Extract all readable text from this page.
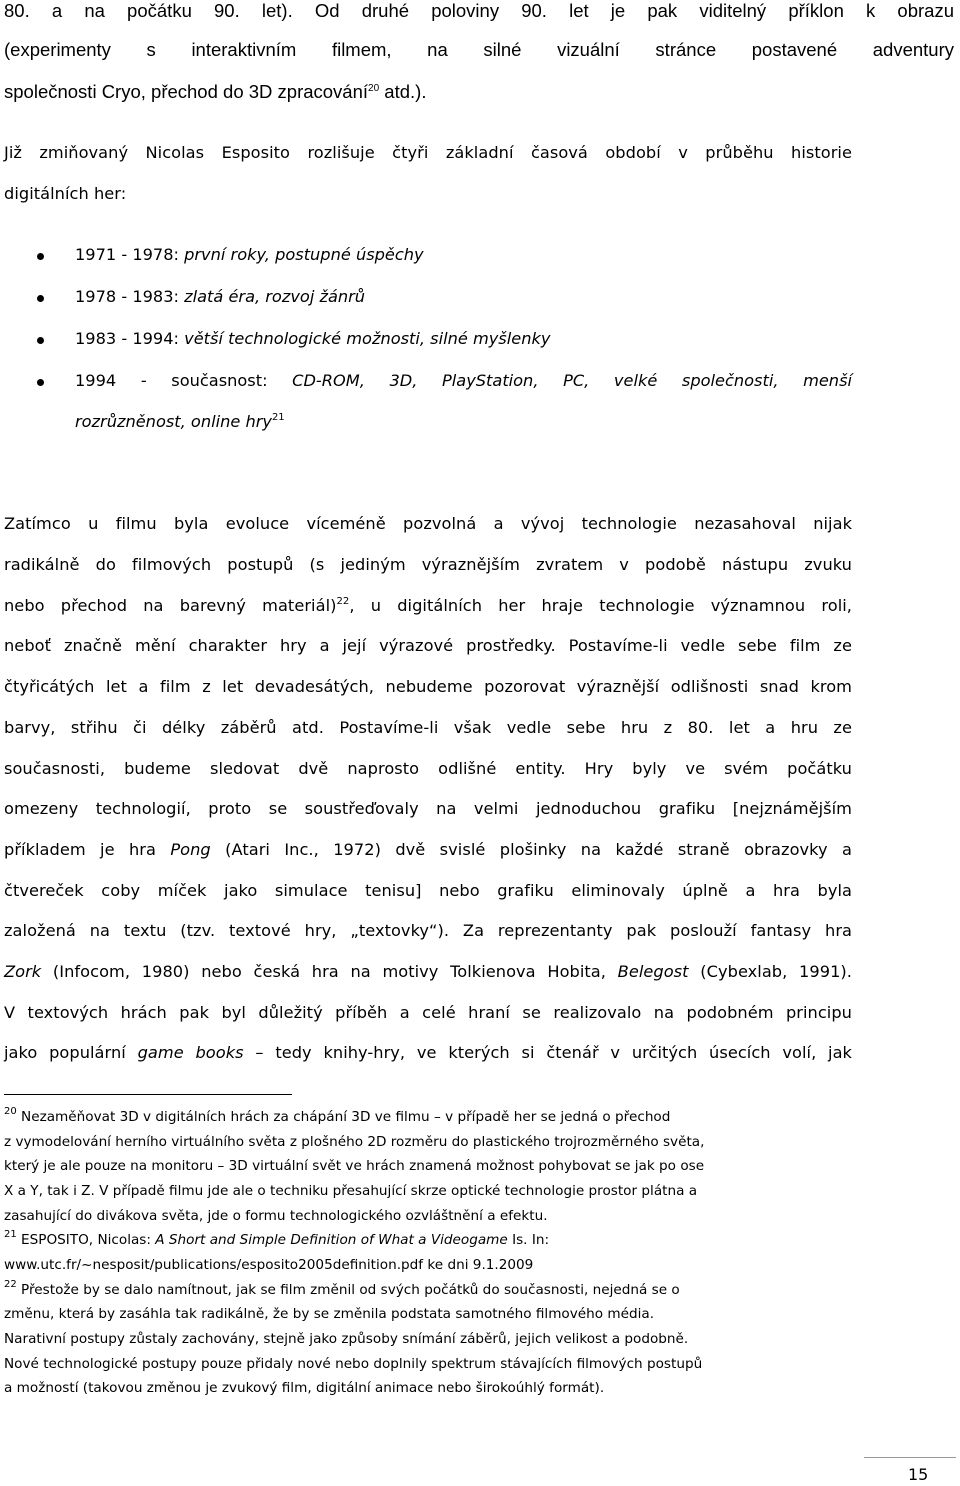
80. a na počátku 90. let). Od druhé poloviny 90. let je pak viditelný příklon k obrazu
(experimenty s interaktivním filmem, na silné vizuální stránce postavené adventury
společnosti Cryo, přechod do 3D zpracování$^{20}$ atd.).
Již zmiňovaný Nicolas Esposito rozlišuje čtyři základní časová období v průběhu historie
digitálních her:
1971 - 1978: první roky, postupné úspěchy
1978 - 1983: zlatá éra, rozvoj žánrů
1983 - 1994: větší technologické možnosti, silné myšlenky
1994 - současnost: CD-ROM, 3D, PlayStation, PC, velké společnosti, menší
rozrůzněnost, online hry$^{21}$
Zatímco u filmu byla evoluce víceméně pozvolná a vývoj technologie nezasahoval nijak
radikálně do filmových postupů (s jediným výraznějším zvratem v podobě nástupu zvuku
nebo přechod na barevný materiál)$^{22}$, u digitálních her hraje technologie významnou roli,
neboť značně mění charakter hry a její výrazové prostředky. Postavíme-li vedle sebe film ze
čtyřicátých let a film z let devadesátých, nebudeme pozorovat výraznější odlišnosti snad krom
barvy, střihu či délky záběrů atd. Postavíme-li však vedle sebe hru z 80. let a hru ze
současnosti, budeme sledovat dvě naprosto odlišné entity. Hry byly ve svém počátku
omezeny technologií, proto se soustřeďovaly na velmi jednoduchou grafiku [nejznámějším
příkladem je hra Pong (Atari Inc., 1972) dvě svislé plošinky na každé straně obrazovky a
čtvereček coby míček jako simulace tenisu] nebo grafiku eliminovaly úplně a hra byla
založená na textu (tzv. textové hry, „textovky“). Za reprezentanty pak poslouží fantasy hra
Zork (Infocom, 1980) nebo česká hra na motivy Tolkienova Hobita, Belegost (Cybexlab, 1991).
V textových hrách pak byl důležitý příběh a celé hraní se realizovalo na podobném principu
jako populární game books – tedy knihy-hry, ve kterých si čtenář v určitých úsecích volí, jak
$^{20}$ Nezaměňovat 3D v digitálních hrách za chápání 3D ve filmu – v případě her se jedná o přechod
z vymodelování herního virtuálního světa z plošného 2D rozměru do plastického trojrozměrného světa,
který je ale pouze na monitoru – 3D virtuální svět ve hrách znamená možnost pohybovat se jak po ose
X a Y, tak i Z. V případě filmu jde ale o techniku přesahující skrze optické technologie prostor plátna a
zasahující do divákova světa, jde o formu technologického ozvláštnění a efektu.
$^{21}$ ESPOSITO, Nicolas: A Short and Simple Definition of What a Videogame Is. In:
www.utc.fr/~nesposit/publications/esposito2005definition.pdf ke dni 9.1.2009
$^{22}$ Přestože by se dalo namítnout, jak se film změnil od svých počátků do současnosti, nejedná se o
změnu, která by zasáhla tak radikálně, že by se změnila podstata samotného filmového média.
Narativní postupy zůstaly zachovány, stejně jako způsoby snímání záběrů, jejich velikost a podobně.
Nové technologické postupy pouze přidaly nové nebo doplnily spektrum stávajících filmových postupů
a možností (takovou změnou je zvukový film, digitální animace nebo širokoúhlý formát).
15
